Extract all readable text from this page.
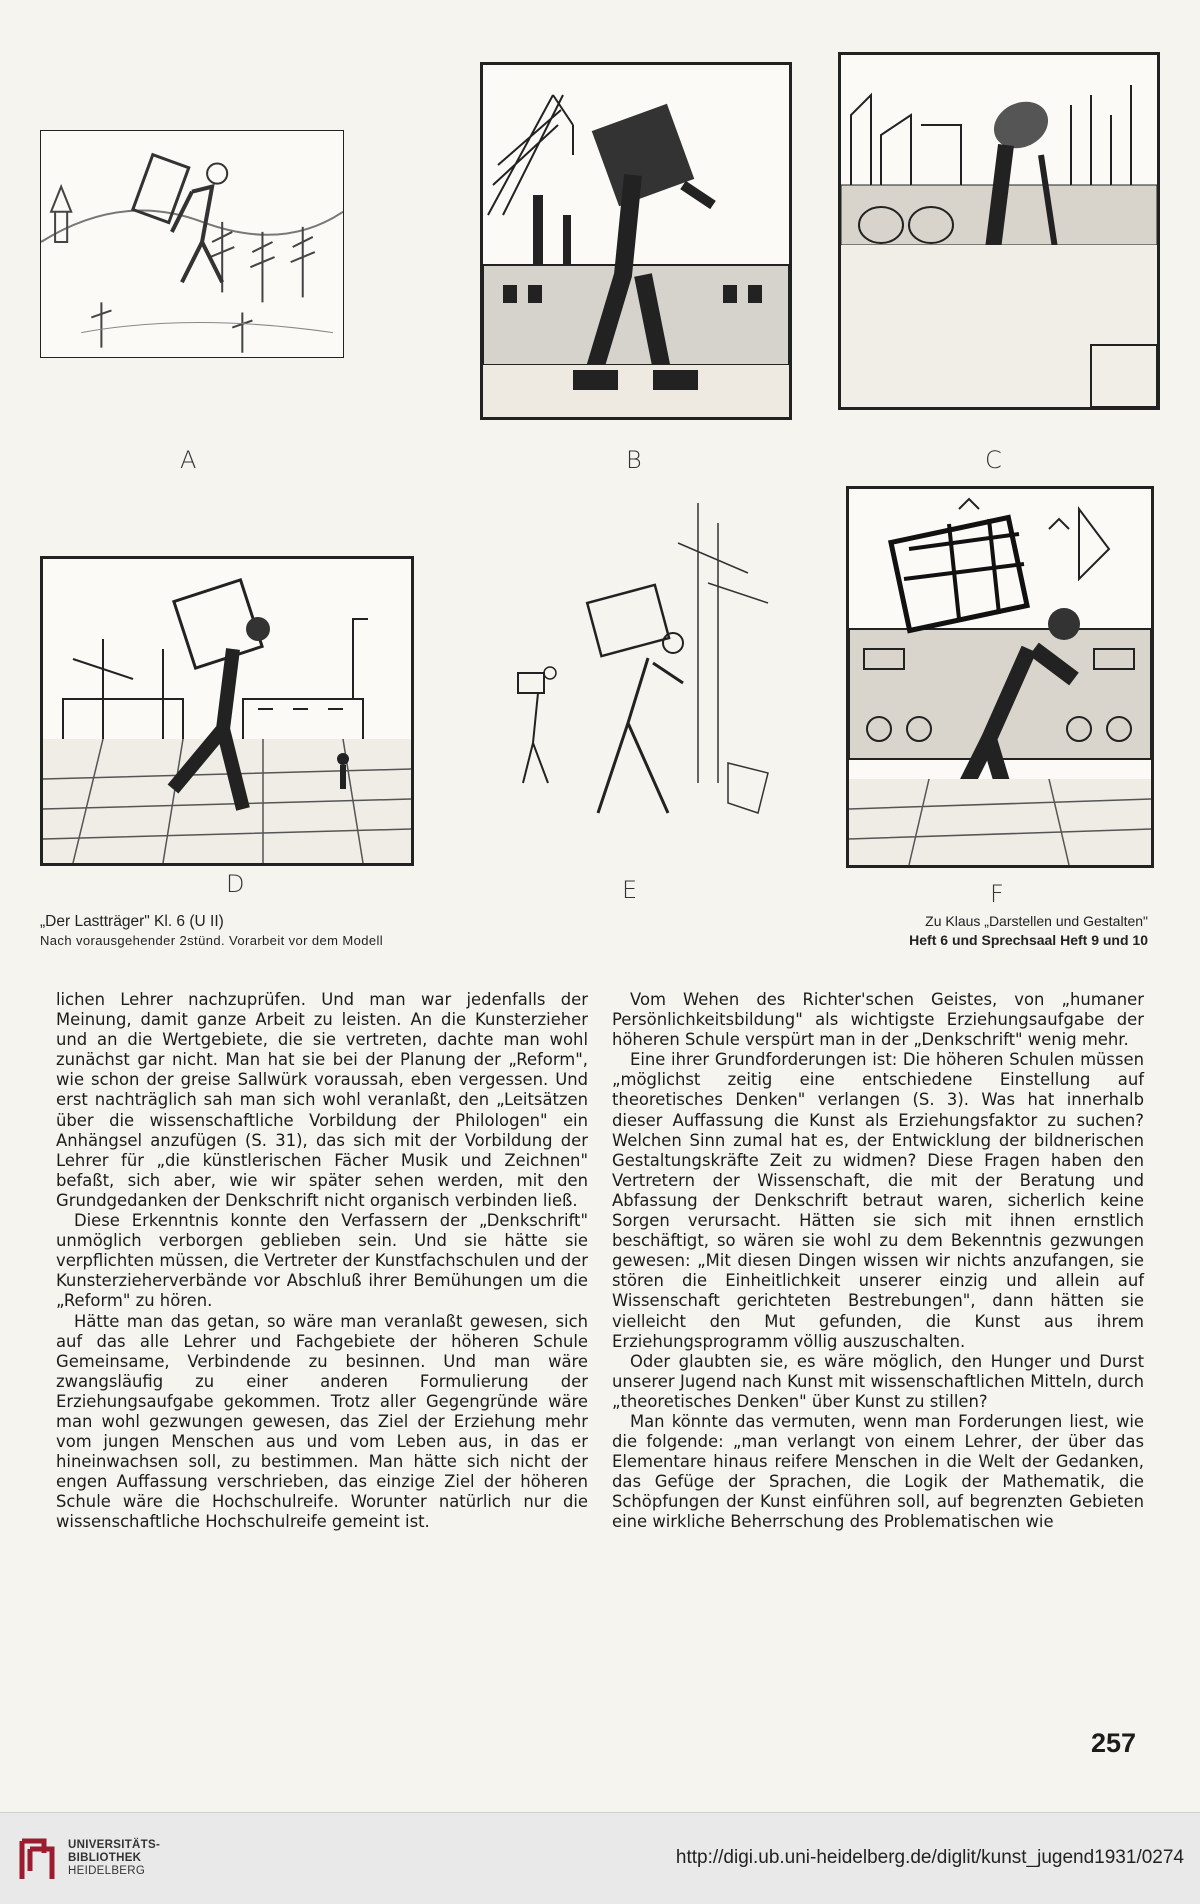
A	B	C
D	E	F
„Der Lastträger" Kl. 6 (U II)
Nach vorausgehender 2stünd. Vorarbeit vor dem Modell
Zu Klaus „Darstellen und Gestalten"
Heft 6 und Sprechsaal Heft 9 und 10

lichen Lehrer nachzuprüfen. Und man war jedenfalls der Meinung, damit ganze Arbeit zu leisten. An die Kunsterzieher und an die Wertgebiete, die sie vertreten, dachte man wohl zunächst gar nicht. Man hat sie bei der Planung der „Reform", wie schon der greise Sallwürk voraussah, eben vergessen. Und erst nachträglich sah man sich wohl veranlaßt, den „Leitsätzen über die wissenschaftliche Vorbildung der Philologen" ein Anhängsel anzufügen (S. 31), das sich mit der Vorbildung der Lehrer für „die künstlerischen Fächer Musik und Zeichnen" befaßt, sich aber, wie wir später sehen werden, mit den Grundgedanken der Denkschrift nicht organisch verbinden ließ.

Diese Erkenntnis konnte den Verfassern der „Denkschrift" unmöglich verborgen geblieben sein. Und sie hätte sie verpflichten müssen, die Vertreter der Kunstfachschulen und der Kunsterzieherverbände vor Abschluß ihrer Bemühungen um die „Reform" zu hören.

Hätte man das getan, so wäre man veranlaßt gewesen, sich auf das alle Lehrer und Fachgebiete der höheren Schule Gemeinsame, Verbindende zu besinnen. Und man wäre zwangsläufig zu einer anderen Formulierung der Erziehungsaufgabe gekommen. Trotz aller Gegengründe wäre man wohl gezwungen gewesen, das Ziel der Erziehung mehr vom jungen Menschen aus und vom Leben aus, in das er hineinwachsen soll, zu bestimmen. Man hätte sich nicht der engen Auffassung verschrieben, das einzige Ziel der höheren Schule wäre die Hochschulreife. Worunter natürlich nur die wissenschaftliche Hochschulreife gemeint ist.

Vom Wehen des Richter'schen Geistes, von „humaner Persönlichkeitsbildung" als wichtigste Erziehungsaufgabe der höheren Schule verspürt man in der „Denkschrift" wenig mehr.

Eine ihrer Grundforderungen ist: Die höheren Schulen müssen „möglichst zeitig eine entschiedene Einstellung auf theoretisches Denken" verlangen (S. 3). Was hat innerhalb dieser Auffassung die Kunst als Erziehungsfaktor zu suchen? Welchen Sinn zumal hat es, der Entwicklung der bildnerischen Gestaltungskräfte Zeit zu widmen? Diese Fragen haben den Vertretern der Wissenschaft, die mit der Beratung und Abfassung der Denkschrift betraut waren, sicherlich keine Sorgen verursacht. Hätten sie sich mit ihnen ernstlich beschäftigt, so wären sie wohl zu dem Bekenntnis gezwungen gewesen: „Mit diesen Dingen wissen wir nichts anzufangen, sie stören die Einheitlichkeit unserer einzig und allein auf Wissenschaft gerichteten Bestrebungen", dann hätten sie vielleicht den Mut gefunden, die Kunst aus ihrem Erziehungsprogramm völlig auszuschalten.

Oder glaubten sie, es wäre möglich, den Hunger und Durst unserer Jugend nach Kunst mit wissenschaftlichen Mitteln, durch „theoretisches Denken" über Kunst zu stillen?

Man könnte das vermuten, wenn man Forderungen liest, wie die folgende: „man verlangt von einem Lehrer, der über das Elementare hinaus reifere Menschen in die Welt der Gedanken, das Gefüge der Sprachen, die Logik der Mathematik, die Schöpfungen der Kunst einführen soll, auf begrenzten Gebieten eine wirkliche Beherrschung des Problematischen wie

257
UNIVERSITÄTS-
BIBLIOTHEK
HEIDELBERG
http://digi.ub.uni-heidelberg.de/diglit/kunst_jugend1931/0274
